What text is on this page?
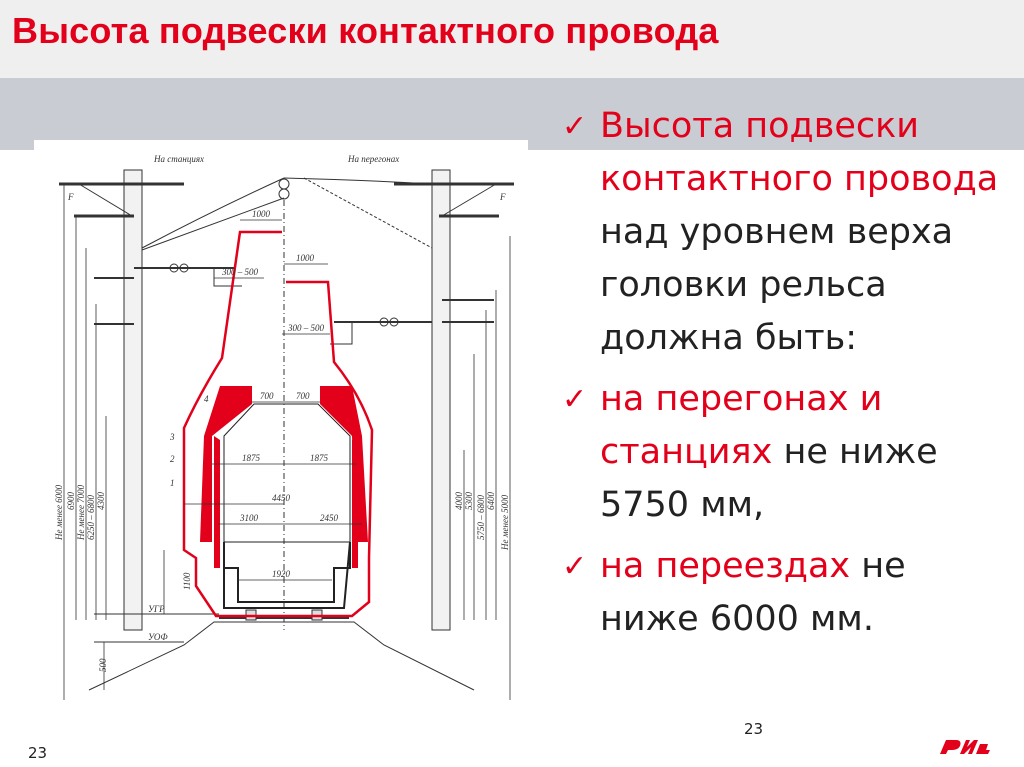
Высота подвески контактного провода
На станциях	На перегонах
1000
1000
300 – 500
300 – 500
700	700
1875	1875
4450
3100	2450
1920
1100
500
УГР
УОФ
F	F
4
3
2
1
Не менее 6000 6900 Не менее 7000 6250 – 6800 4300	4000 5300 5750 – 6800 6400 Не менее 5000
✓ Высота подвески контактного провода над уровнем верха головки рельса должна быть:
✓ на перегонах и станциях не ниже 5750 мм,
✓ на переездах не ниже 6000 мм.
23
23
